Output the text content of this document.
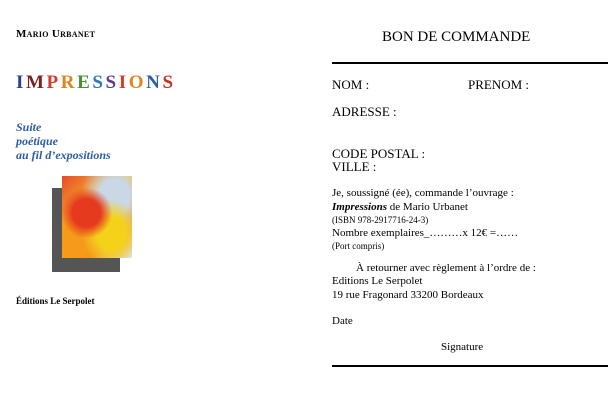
Mario Urbanet
IMPRESSIONS
Suite
poétique
au fil d’expositions
Éditions Le Serpolet
BON DE COMMANDE
NOM :	PRENOM :
ADRESSE :
CODE POSTAL :
VILLE :
Je, soussigné (ée), commande l’ouvrage :
Impressions de Mario Urbanet
(ISBN 978-2917716-24-3)
Nombre exemplaires_………x 12€ =……
(Port compris)
À retourner avec règlement à l’ordre de :
Editions Le Serpolet
19 rue Fragonard 33200 Bordeaux
Date
Signature
